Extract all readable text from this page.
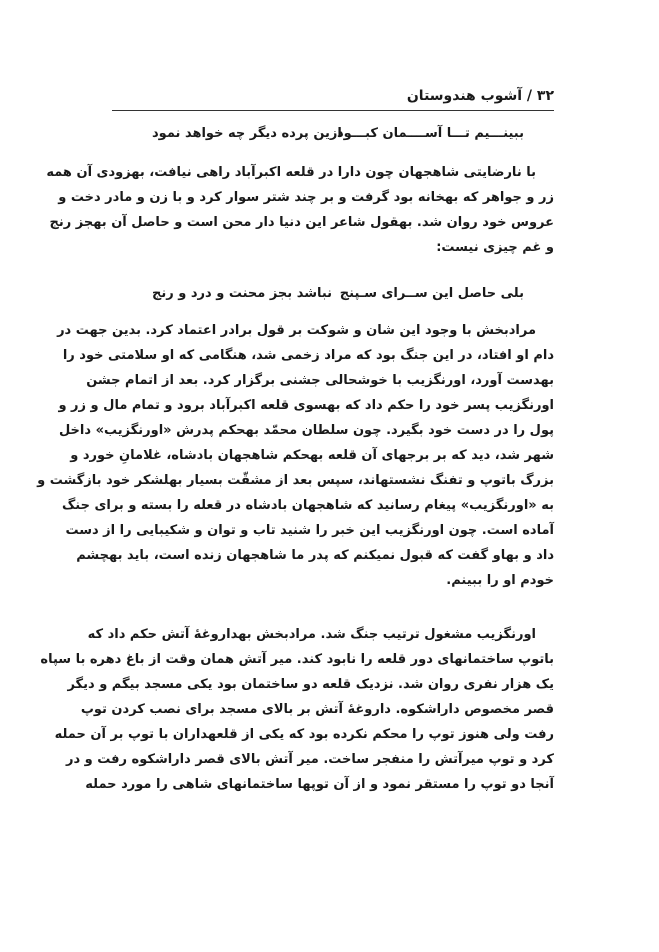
۳۲ / آشوب هندوستان
ببینـــیم تـــا آســــمان کبـــود
ازین پرده دیگر چه خواهد نمود
با نارضایتی شاهجهان چون دارا در قلعه اکبرآباد راهی نیافت، بهزودی آن همه
زر و جواهر که بهخانه بود گرفت و بر چند شتر سوار کرد و با زن و مادر دخت و
عروس خود روان شد. بهقول شاعر این دنیا دار محن است و حاصل آن بهجز رنج
و غم چیزی نیست:
بلی حاصل این ســرای سـپنج
نباشد بجز محنت و درد و رنج
مرادبخش با وجود این شان و شوکت بر قول برادر اعتماد کرد. بدین جهت در
دام او افتاد، در این جنگ بود که مراد زخمی شد، هنگامی که او سلامتی خود را
بهدست آورد، اورنگزیب با خوشحالی جشنی برگزار کرد. بعد از اتمام جشن
اورنگزیب پسر خود را حکم داد که بهسوی قلعه اکبرآباد برود و تمام مال و زر و
پول را در دست خود بگیرد. چون سلطان محمّد بهحکم پدرش «اورنگزیب» داخل
شهر شد، دید که بر برجهای آن قلعه بهحکم شاهجهان بادشاه، غلامانِ خورد و
بزرگ باتوپ و تفنگ نشستهاند، سپس بعد از مشقّت بسیار بهلشکر خود بازگشت و
به «اورنگزیب» پیغام رسانید که شاهجهان بادشاه در قعله را بسته و برای جنگ
آماده است. چون اورنگزیب این خبر را شنید تاب و توان و شکیبایی را از دست
داد و بهاو گفت که قبول نمیکنم که پدر ما شاهجهان زنده است، باید بهچشم
خودم او را ببینم.
اورنگزیب مشغول ترتیب جنگ شد. مرادبخش بهداروغۀ آتش حکم داد که
باتوپ ساختمانهای دور قلعه را نابود کند. میر آتش همان وقت از باغ دهره با سپاه
یک هزار نفری روان شد. نزدیک قلعه دو ساختمان بود یکی مسجد بیگم و دیگر
قصر مخصوص داراشکوه. داروغۀ آتش بر بالای مسجد برای نصب کردن توپ
رفت ولی هنوز توپ را محکم نکرده بود که یکی از قلعهداران با توپ بر آن حمله
کرد و توپ میرآتش را منفجر ساخت. میر آتش بالای قصر داراشکوه رفت و در
آنجا دو توپ را مستقر نمود و از آن توپها ساختمانهای شاهی را مورد حمله
